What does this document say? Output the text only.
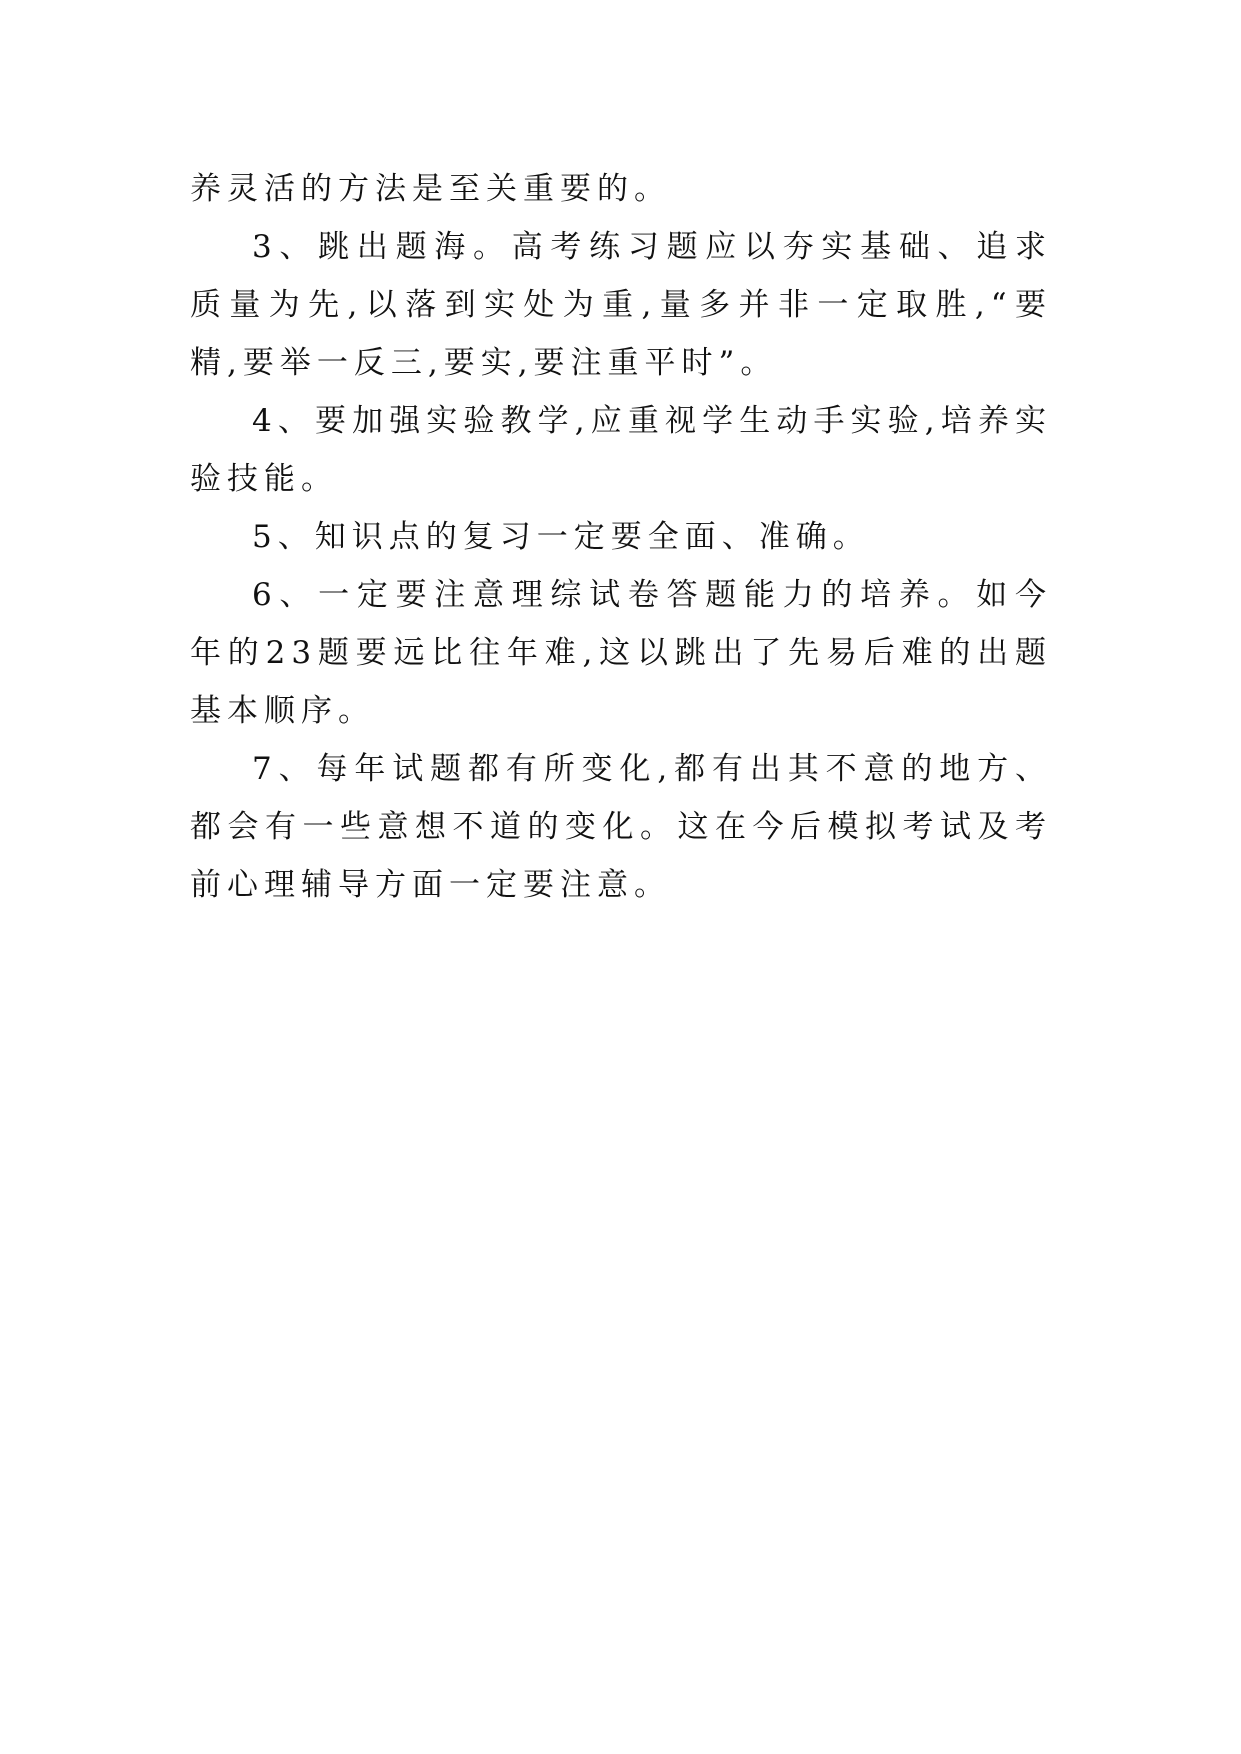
养灵活的方法是至关重要的。

3、跳出题海。高考练习题应以夯实基础、追求质量为先,以落到实处为重,量多并非一定取胜,“要精,要举一反三,要实,要注重平时”。

4、要加强实验教学,应重视学生动手实验,培养实验技能。

5、知识点的复习一定要全面、准确。

6、一定要注意理综试卷答题能力的培养。如今年的23题要远比往年难,这以跳出了先易后难的出题基本顺序。

7、每年试题都有所变化,都有出其不意的地方、都会有一些意想不道的变化。这在今后模拟考试及考前心理辅导方面一定要注意。
